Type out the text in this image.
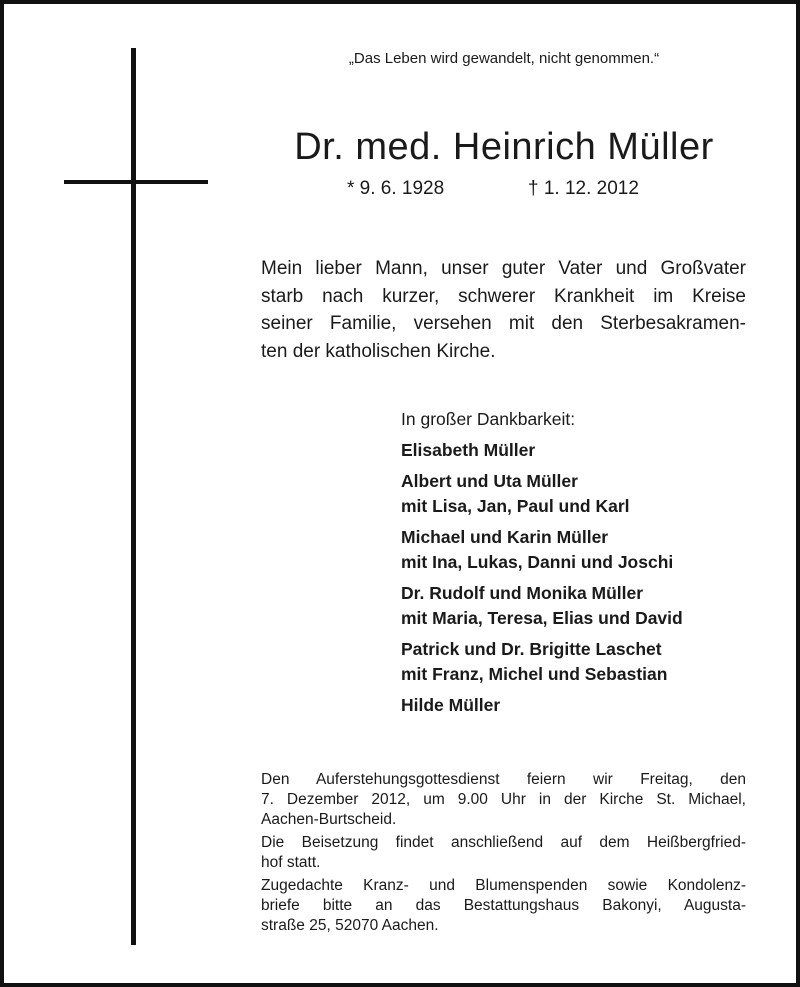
„Das Leben wird gewandelt, nicht genommen.“
Dr. med. Heinrich Müller
* 9. 6. 1928	† 1. 12. 2012
Mein lieber Mann, unser guter Vater und Großvater
starb nach kurzer, schwerer Krankheit im Kreise
seiner Familie, versehen mit den Sterbesakramen-
ten der katholischen Kirche.
In großer Dankbarkeit:
Elisabeth Müller
Albert und Uta Müller
mit Lisa, Jan, Paul und Karl
Michael und Karin Müller
mit Ina, Lukas, Danni und Joschi
Dr. Rudolf und Monika Müller
mit Maria, Teresa, Elias und David
Patrick und Dr. Brigitte Laschet
mit Franz, Michel und Sebastian
Hilde Müller

Den Auferstehungsgottesdienst feiern wir Freitag, den
7. Dezember 2012, um 9.00 Uhr in der Kirche St. Michael,
Aachen-Burtscheid.

Die Beisetzung findet anschließend auf dem Heißbergfried-
hof statt.

Zugedachte Kranz- und Blumenspenden sowie Kondolenz-
briefe bitte an das Bestattungshaus Bakonyi, Augusta-
straße 25, 52070 Aachen.
